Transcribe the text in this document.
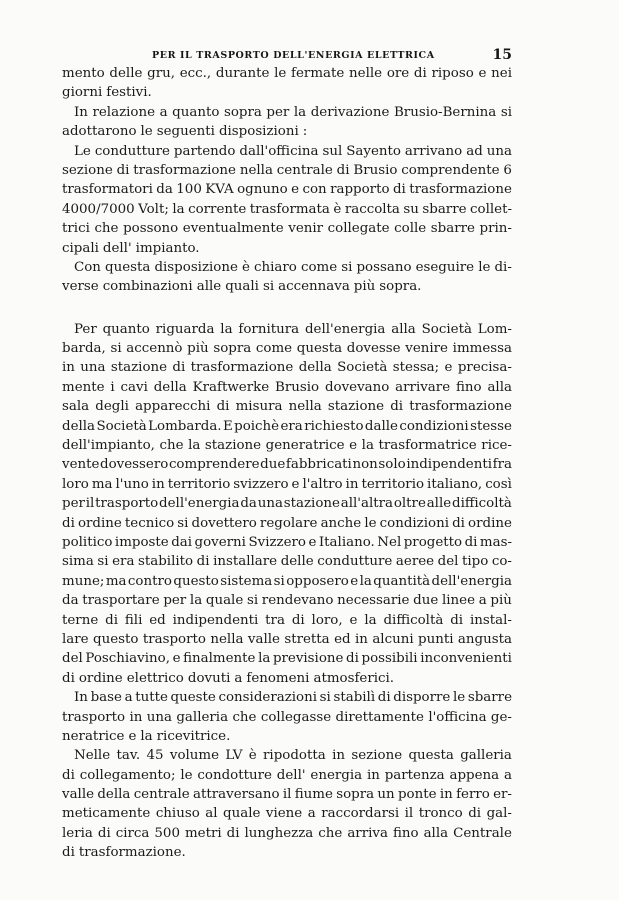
PER IL TRASPORTO DELL'ENERGIA ELETTRICA	15
mento delle gru, ecc., durante le fermate nelle ore di riposo e nei
giorni festivi.
In relazione a quanto sopra per la derivazione Brusio-Bernina si
adottarono le seguenti disposizioni :
Le condutture partendo dall'officina sul Sayento arrivano ad una
sezione di trasformazione nella centrale di Brusio comprendente 6
trasformatori da 100 KVA ognuno e con rapporto di trasformazione
4000/7000 Volt; la corrente trasformata è raccolta su sbarre collet-
trici che possono eventualmente venir collegate colle sbarre prin-
cipali dell' impianto.
Con questa disposizione è chiaro come si possano eseguire le di-
verse combinazioni alle quali si accennava più sopra.
Per quanto riguarda la fornitura dell'energia alla Società Lom-
barda, si accennò più sopra come questa dovesse venire immessa
in una stazione di trasformazione della Società stessa; e precisa-
mente i cavi della Kraftwerke Brusio dovevano arrivare fino alla
sala degli apparecchi di misura nella stazione di trasformazione
della Società Lombarda. E poichè era richiesto dalle condizioni stesse
dell'impianto, che la stazione generatrice e la trasformatrice rice-
vente dovessero comprendere due fabbricati non solo indipendenti fra
loro ma l'uno in territorio svizzero e l'altro in territorio italiano, così
per il trasporto dell'energia da una stazione all'altra oltre alle difficoltà
di ordine tecnico si dovettero regolare anche le condizioni di ordine
politico imposte dai governi Svizzero e Italiano. Nel progetto di mas-
sima si era stabilito di installare delle condutture aeree del tipo co-
mune; ma contro questo sistema si opposero e la quantità dell'energia
da trasportare per la quale si rendevano necessarie due linee a più
terne di fili ed indipendenti tra di loro, e la difficoltà di instal-
lare questo trasporto nella valle stretta ed in alcuni punti angusta
del Poschiavino, e finalmente la previsione di possibili inconvenienti
di ordine elettrico dovuti a fenomeni atmosferici.
In base a tutte queste considerazioni si stabilì di disporre le sbarre
trasporto in una galleria che collegasse direttamente l'officina ge-
neratrice e la ricevitrice.
Nelle tav. 45 volume LV è ripodotta in sezione questa galleria
di collegamento; le condotture dell' energia in partenza appena a
valle della centrale attraversano il fiume sopra un ponte in ferro er-
meticamente chiuso al quale viene a raccordarsi il tronco di gal-
leria di circa 500 metri di lunghezza che arriva fino alla Centrale
di trasformazione.
